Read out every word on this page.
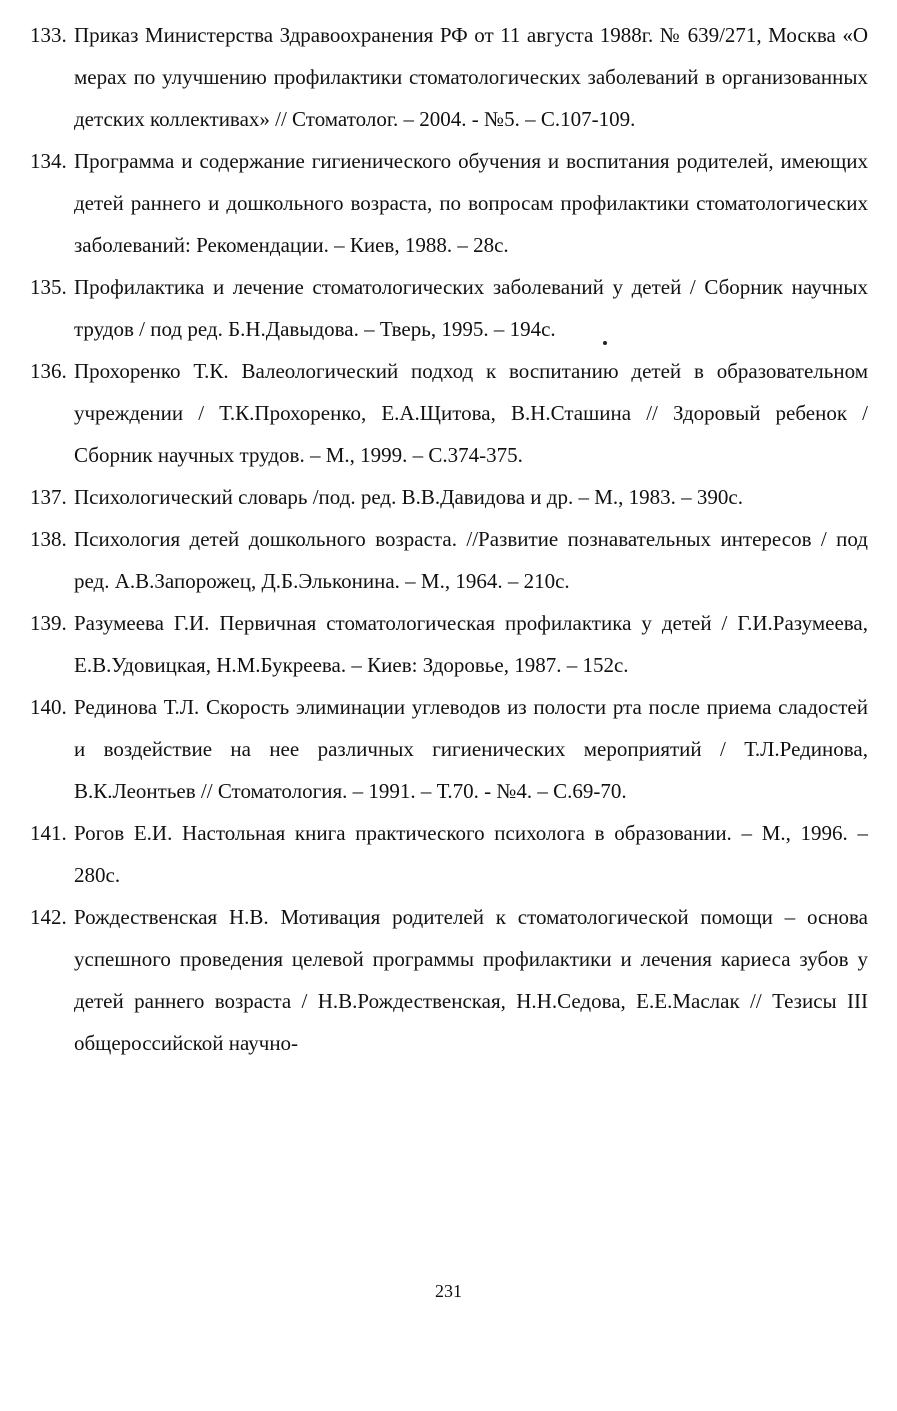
133. Приказ Министерства Здравоохранения РФ от 11 августа 1988г. № 639/271, Москва «О мерах по улучшению профилактики стоматологических заболеваний в организованных детских коллективах» // Стоматолог. – 2004. - №5. – С.107-109.
134. Программа и содержание гигиенического обучения и воспитания родителей, имеющих детей раннего и дошкольного возраста, по вопросам профилактики стоматологических заболеваний: Рекомендации. – Киев, 1988. – 28с.
135. Профилактика и лечение стоматологических заболеваний у детей / Сборник научных трудов / под ред. Б.Н.Давыдова. – Тверь, 1995. – 194с.
136. Прохоренко Т.К. Валеологический подход к воспитанию детей в образовательном учреждении / Т.К.Прохоренко, Е.А.Щитова, В.Н.Сташина // Здоровый ребенок / Сборник научных трудов. – М., 1999. – С.374-375.
137. Психологический словарь /под. ред. В.В.Давидова и др. – М., 1983. – 390с.
138. Психология детей дошкольного возраста. //Развитие познавательных интересов / под ред. А.В.Запорожец, Д.Б.Эльконина. – М., 1964. – 210с.
139. Разумеева Г.И. Первичная стоматологическая профилактика у детей / Г.И.Разумеева, Е.В.Удовицкая, Н.М.Букреева. – Киев: Здоровье, 1987. – 152с.
140. Рединова Т.Л. Скорость элиминации углеводов из полости рта после приема сладостей и воздействие на нее различных гигиенических мероприятий / Т.Л.Рединова, В.К.Леонтьев // Стоматология. – 1991. – Т.70. - №4. – С.69-70.
141. Рогов Е.И. Настольная книга практического психолога в образовании. – М., 1996. – 280с.
142. Рождественская Н.В. Мотивация родителей к стоматологической помощи – основа успешного проведения целевой программы профилактики и лечения кариеса зубов у детей раннего возраста / Н.В.Рождественская, Н.Н.Седова, Е.Е.Маслак // Тезисы III общероссийской научно-
231
